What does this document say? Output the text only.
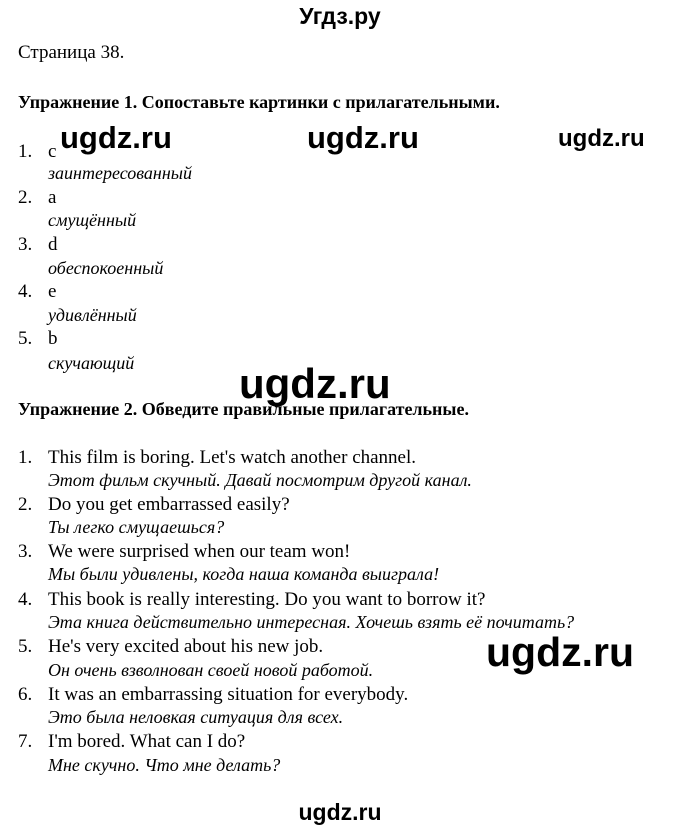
Угдз.ру
Страница 38.
Упражнение 1. Сопоставьте картинки с прилагательными.
1. c
заинтересованный
2. a
смущённый
3. d
обеспокоенный
4. e
удивлённый
5. b
скучающий
Упражнение 2. Обведите правильные прилагательные.
1. This film is boring. Let's watch another channel.
Этот фильм скучный. Давай посмотрим другой канал.
2. Do you get embarrassed easily?
Ты легко смущаешься?
3. We were surprised when our team won!
Мы были удивлены, когда наша команда выиграла!
4. This book is really interesting. Do you want to borrow it?
Эта книга действительно интересная. Хочешь взять её почитать?
5. He's very excited about his new job.
Он очень взволнован своей новой работой.
6. It was an embarrassing situation for everybody.
Это была неловкая ситуация для всех.
7. I'm bored. What can I do?
Мне скучно. Что мне делать?
ugdz.ru	ugdz.ru	ugdz.ru
ugdz.ru
ugdz.ru
ugdz.ru
